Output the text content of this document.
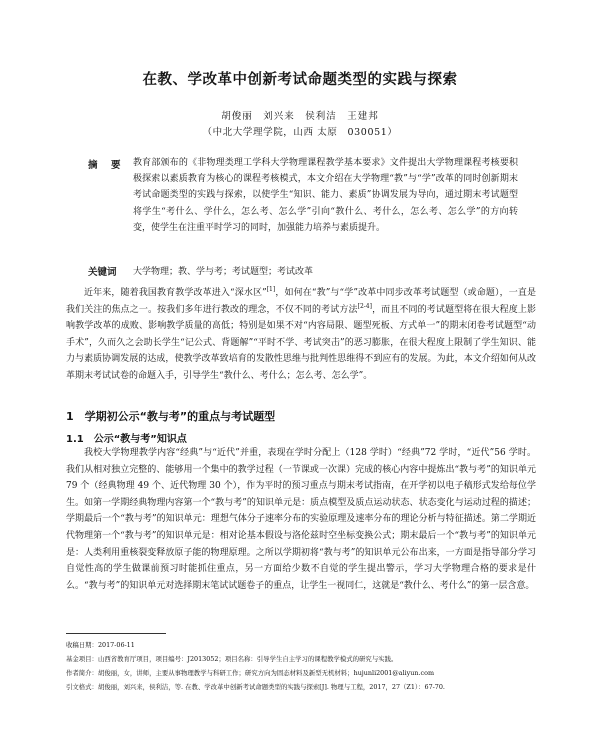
在教、学改革中创新考试命题类型的实践与探索
胡俊丽　刘兴来　侯利洁　王建邦
（中北大学理学院，山西 太原　030051）
摘　要 教育部颁布的《非物理类理工学科大学物理课程教学基本要求》文件提出大学物理课程考核要积极探索以素质教育为核心的课程考核模式，本文介绍在大学物理“教”与“学”改革的同时创新期末考试命题类型的实践与探索，以使学生“知识、能力、素质”协调发展为导向，通过期末考试题型将学生“考什么、学什么，怎么考、怎么学”引向“教什么、考什么，怎么考、怎么学”的方向转变，使学生在注重平时学习的同时，加强能力培养与素质提升。
关键词 大学物理；教、学与考；考试题型；考试改革
近年来，随着我国教育教学改革进入“深水区”[1]，如何在“教”与“学”改革中同步改革考试题型（或命题），一直是我们关注的焦点之一。按我们多年进行教改的理念，不仅不同的考试方法[2-4]，而且不同的考试题型将在很大程度上影响教学改革的成败、影响教学质量的高低；特别是如果不对“内容局限、题型死板、方式单一”的期末闭卷考试题型“动手术”，久而久之会助长学生“记公式、背题解”“平时不学、考试突击”的恶习膨胀，在很大程度上限制了学生知识、能力与素质协调发展的达成，使教学改革致培育的发散性思维与批判性思维得不到应有的发展。为此，本文介绍如何从改革期末考试试卷的命题入手，引导学生“教什么、考什么；怎么考、怎么学”。
1　学期初公示“教与考”的重点与考试题型
1.1　公示“教与考”知识点
我校大学物理教学内容“经典”与“近代”并重，表现在学时分配上（128 学时）“经典”72 学时，“近代”56 学时。我们从相对独立完整的、能够用一个集中的教学过程（一节课或一次课）完成的核心内容中提炼出“教与考”的知识单元 79 个（经典物理 49 个、近代物理 30 个），作为平时的预习重点与期末考试指南，在开学初以电子稿形式发给每位学生。如第一学期经典物理内容第一个“教与考”的知识单元是：质点模型及质点运动状态、状态变化与运动过程的描述；学期最后一个“教与考”的知识单元：理想气体分子速率分布的实验原理及速率分布的理论分析与特征描述。第二学期近代物理第一个“教与考”的知识单元是：相对论基本假设与洛伦兹时空坐标变换公式；期末最后一个“教与考”的知识单元是：人类利用重核裂变释放原子能的物理原理。之所以学期初将“教与考”的知识单元公布出来，一方面是指导部分学习自觉性高的学生做课前预习时能抓住重点，另一方面给少数不自觉的学生提出警示，学习大学物理合格的要求是什么。“教与考”的知识单元对选择期末笔试试题卷子的重点，让学生一视同仁，这就是“教什么、考什么”的第一层含意。
收稿日期：2017-06-11
基金项目：山西省教育厅项目，项目编号：J2013052；项目名称：引导学生自主学习的课程教学模式的研究与实践。
作者简介：胡俊丽，女，讲师，主要从事物理教学与科研工作；研究方向为固态材料及新型无机材料；hujunli2001@aliyun.com
引文格式：胡俊丽，刘兴来，侯利洁，等. 在教、学改革中创新考试命题类型的实践与探索[J]. 物理与工程，2017，27（Z1）：67-70.
